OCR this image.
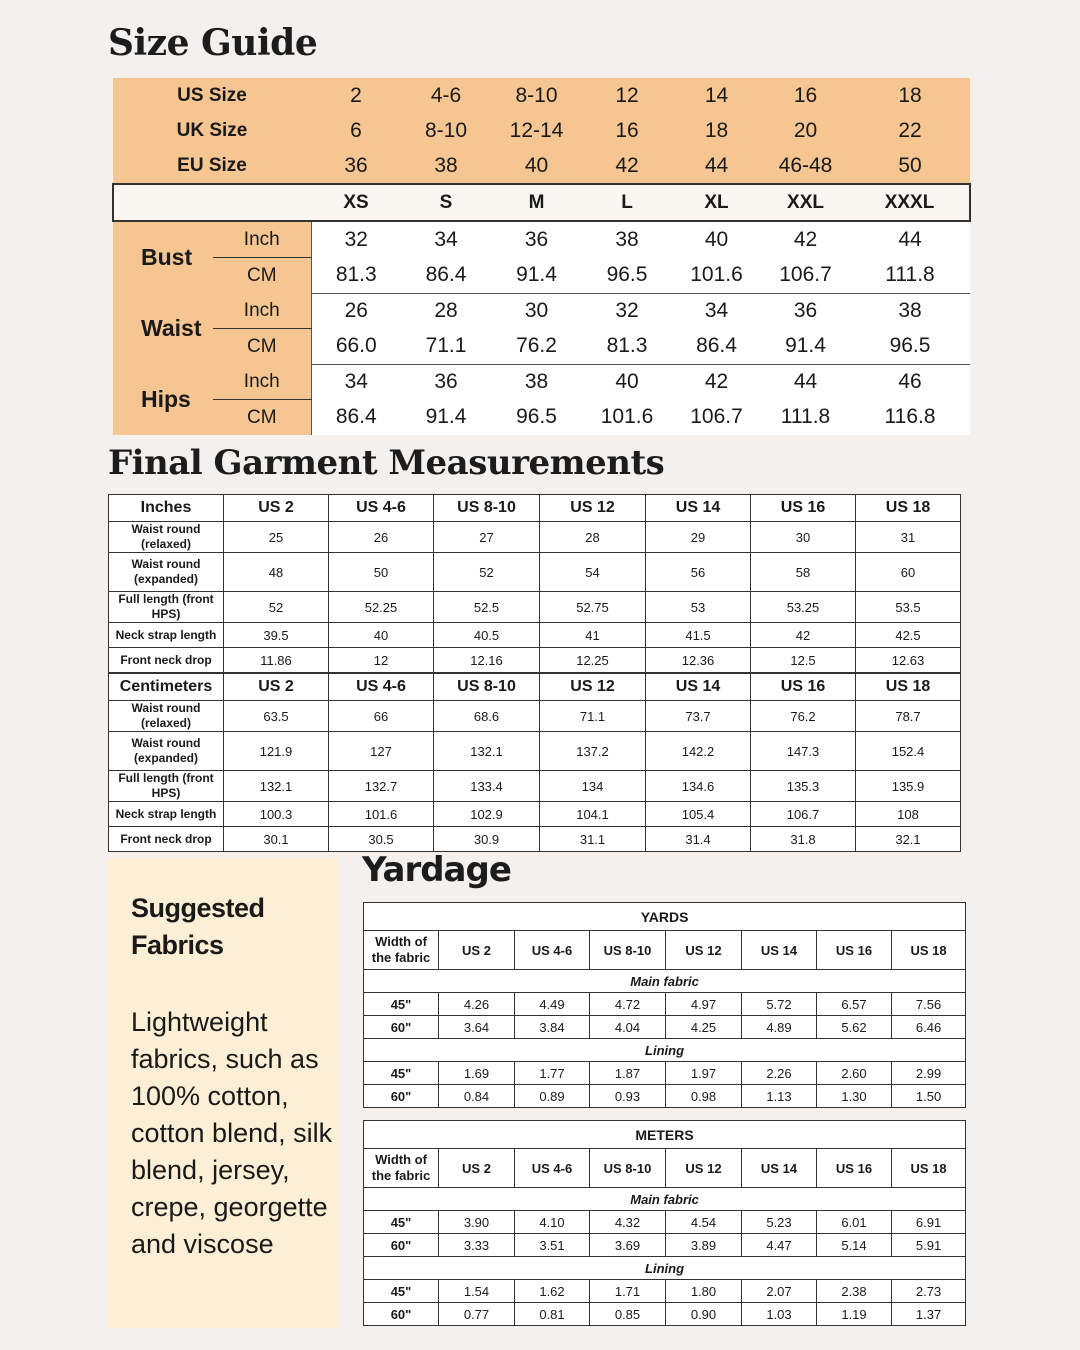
Size Guide
US Size		2	4-6	8-10	12	14	16	18
UK Size		6	8-10	12-14	16	18	20	22
EU Size		36	38	40	42	44	46-48	50
		XS	S	M	L	XL	XXL	XXXL
Bust	Inch	32	34	36	38	40	42	44
	CM	81.3	86.4	91.4	96.5	101.6	106.7	111.8
Waist	Inch	26	28	30	32	34	36	38
	CM	66.0	71.1	76.2	81.3	86.4	91.4	96.5
Hips	Inch	34	36	38	40	42	44	46
	CM	86.4	91.4	96.5	101.6	106.7	111.8	116.8
Final Garment Measurements
Inches	US 2	US 4-6	US 8-10	US 12	US 14	US 16	US 18
Waist round (relaxed)	25	26	27	28	29	30	31
Waist round (expanded)	48	50	52	54	56	58	60
Full length (front HPS)	52	52.25	52.5	52.75	53	53.25	53.5
Neck strap length	39.5	40	40.5	41	41.5	42	42.5
Front neck drop	11.86	12	12.16	12.25	12.36	12.5	12.63
Centimeters	US 2	US 4-6	US 8-10	US 12	US 14	US 16	US 18
Waist round (relaxed)	63.5	66	68.6	71.1	73.7	76.2	78.7
Waist round (expanded)	121.9	127	132.1	137.2	142.2	147.3	152.4
Full length (front HPS)	132.1	132.7	133.4	134	134.6	135.3	135.9
Neck strap length	100.3	101.6	102.9	104.1	105.4	106.7	108
Front neck drop	30.1	30.5	30.9	31.1	31.4	31.8	32.1
Suggested Fabrics
Lightweight fabrics, such as 100% cotton, cotton blend, silk blend, jersey, crepe, georgette and viscose
Yardage
YARDS							
Width of the fabric	US 2	US 4-6	US 8-10	US 12	US 14	US 16	US 18
Main fabric							
45"	4.26	4.49	4.72	4.97	5.72	6.57	7.56
60"	3.64	3.84	4.04	4.25	4.89	5.62	6.46
Lining							
45"	1.69	1.77	1.87	1.97	2.26	2.60	2.99
60"	0.84	0.89	0.93	0.98	1.13	1.30	1.50
METERS							
Width of the fabric	US 2	US 4-6	US 8-10	US 12	US 14	US 16	US 18
Main fabric							
45"	3.90	4.10	4.32	4.54	5.23	6.01	6.91
60"	3.33	3.51	3.69	3.89	4.47	5.14	5.91
Lining							
45"	1.54	1.62	1.71	1.80	2.07	2.38	2.73
60"	0.77	0.81	0.85	0.90	1.03	1.19	1.37
